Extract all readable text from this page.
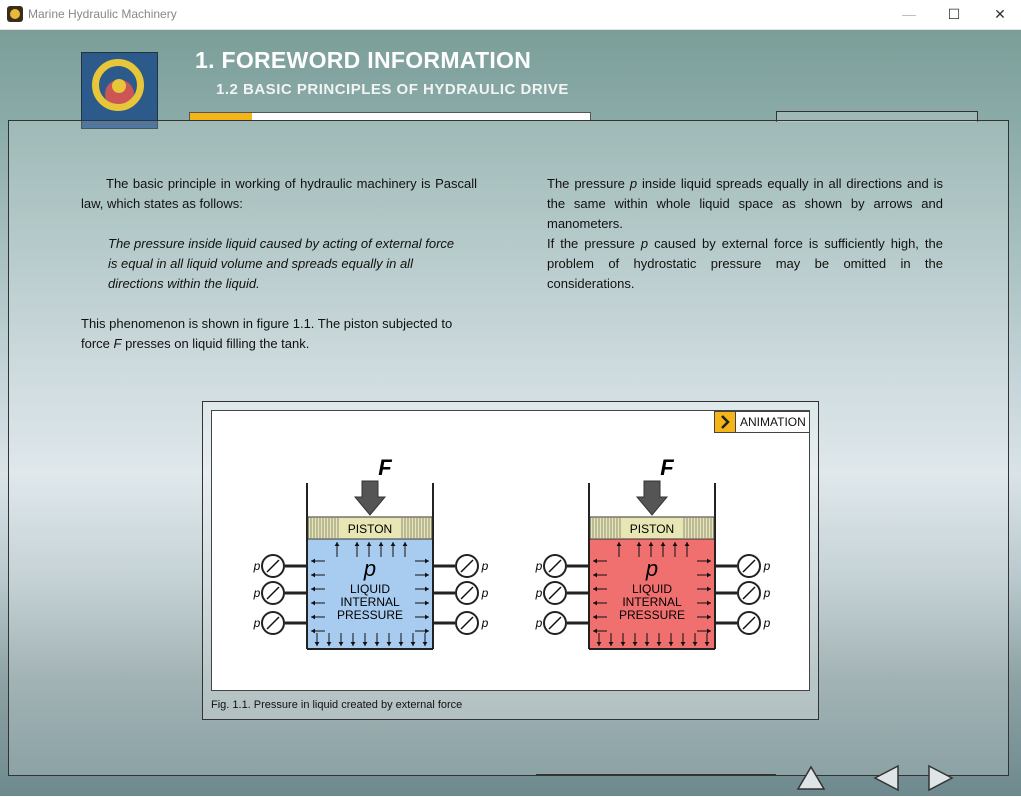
Marine Hydraulic Machinery	—	☐	✕
1. FOREWORD INFORMATION
1.2 BASIC PRINCIPLES OF HYDRAULIC DRIVE
The basic principle in working of hydraulic machinery is Pascall law, which states as follows:
The pressure inside liquid caused by acting of external force is equal in all liquid volume and spreads equally in all directions within the liquid.
This phenomenon is shown in figure 1.1. The piston subjected to force F presses on liquid filling the tank.
The pressure p inside liquid spreads equally in all directions and is the same within whole liquid space as shown by arrows and manometers.
If the pressure p caused by external force is sufficiently high, the problem of hydrostatic pressure may be omitted in the considerations.
ANIMATION
PISTON
F
p
LIQUID
INTERNAL
PRESSURE
p	p
p	p
p	p
PISTON
F
p
LIQUID
INTERNAL
PRESSURE
p	p
p	p
p	p
Fig. 1.1. Pressure in liquid created by external force
